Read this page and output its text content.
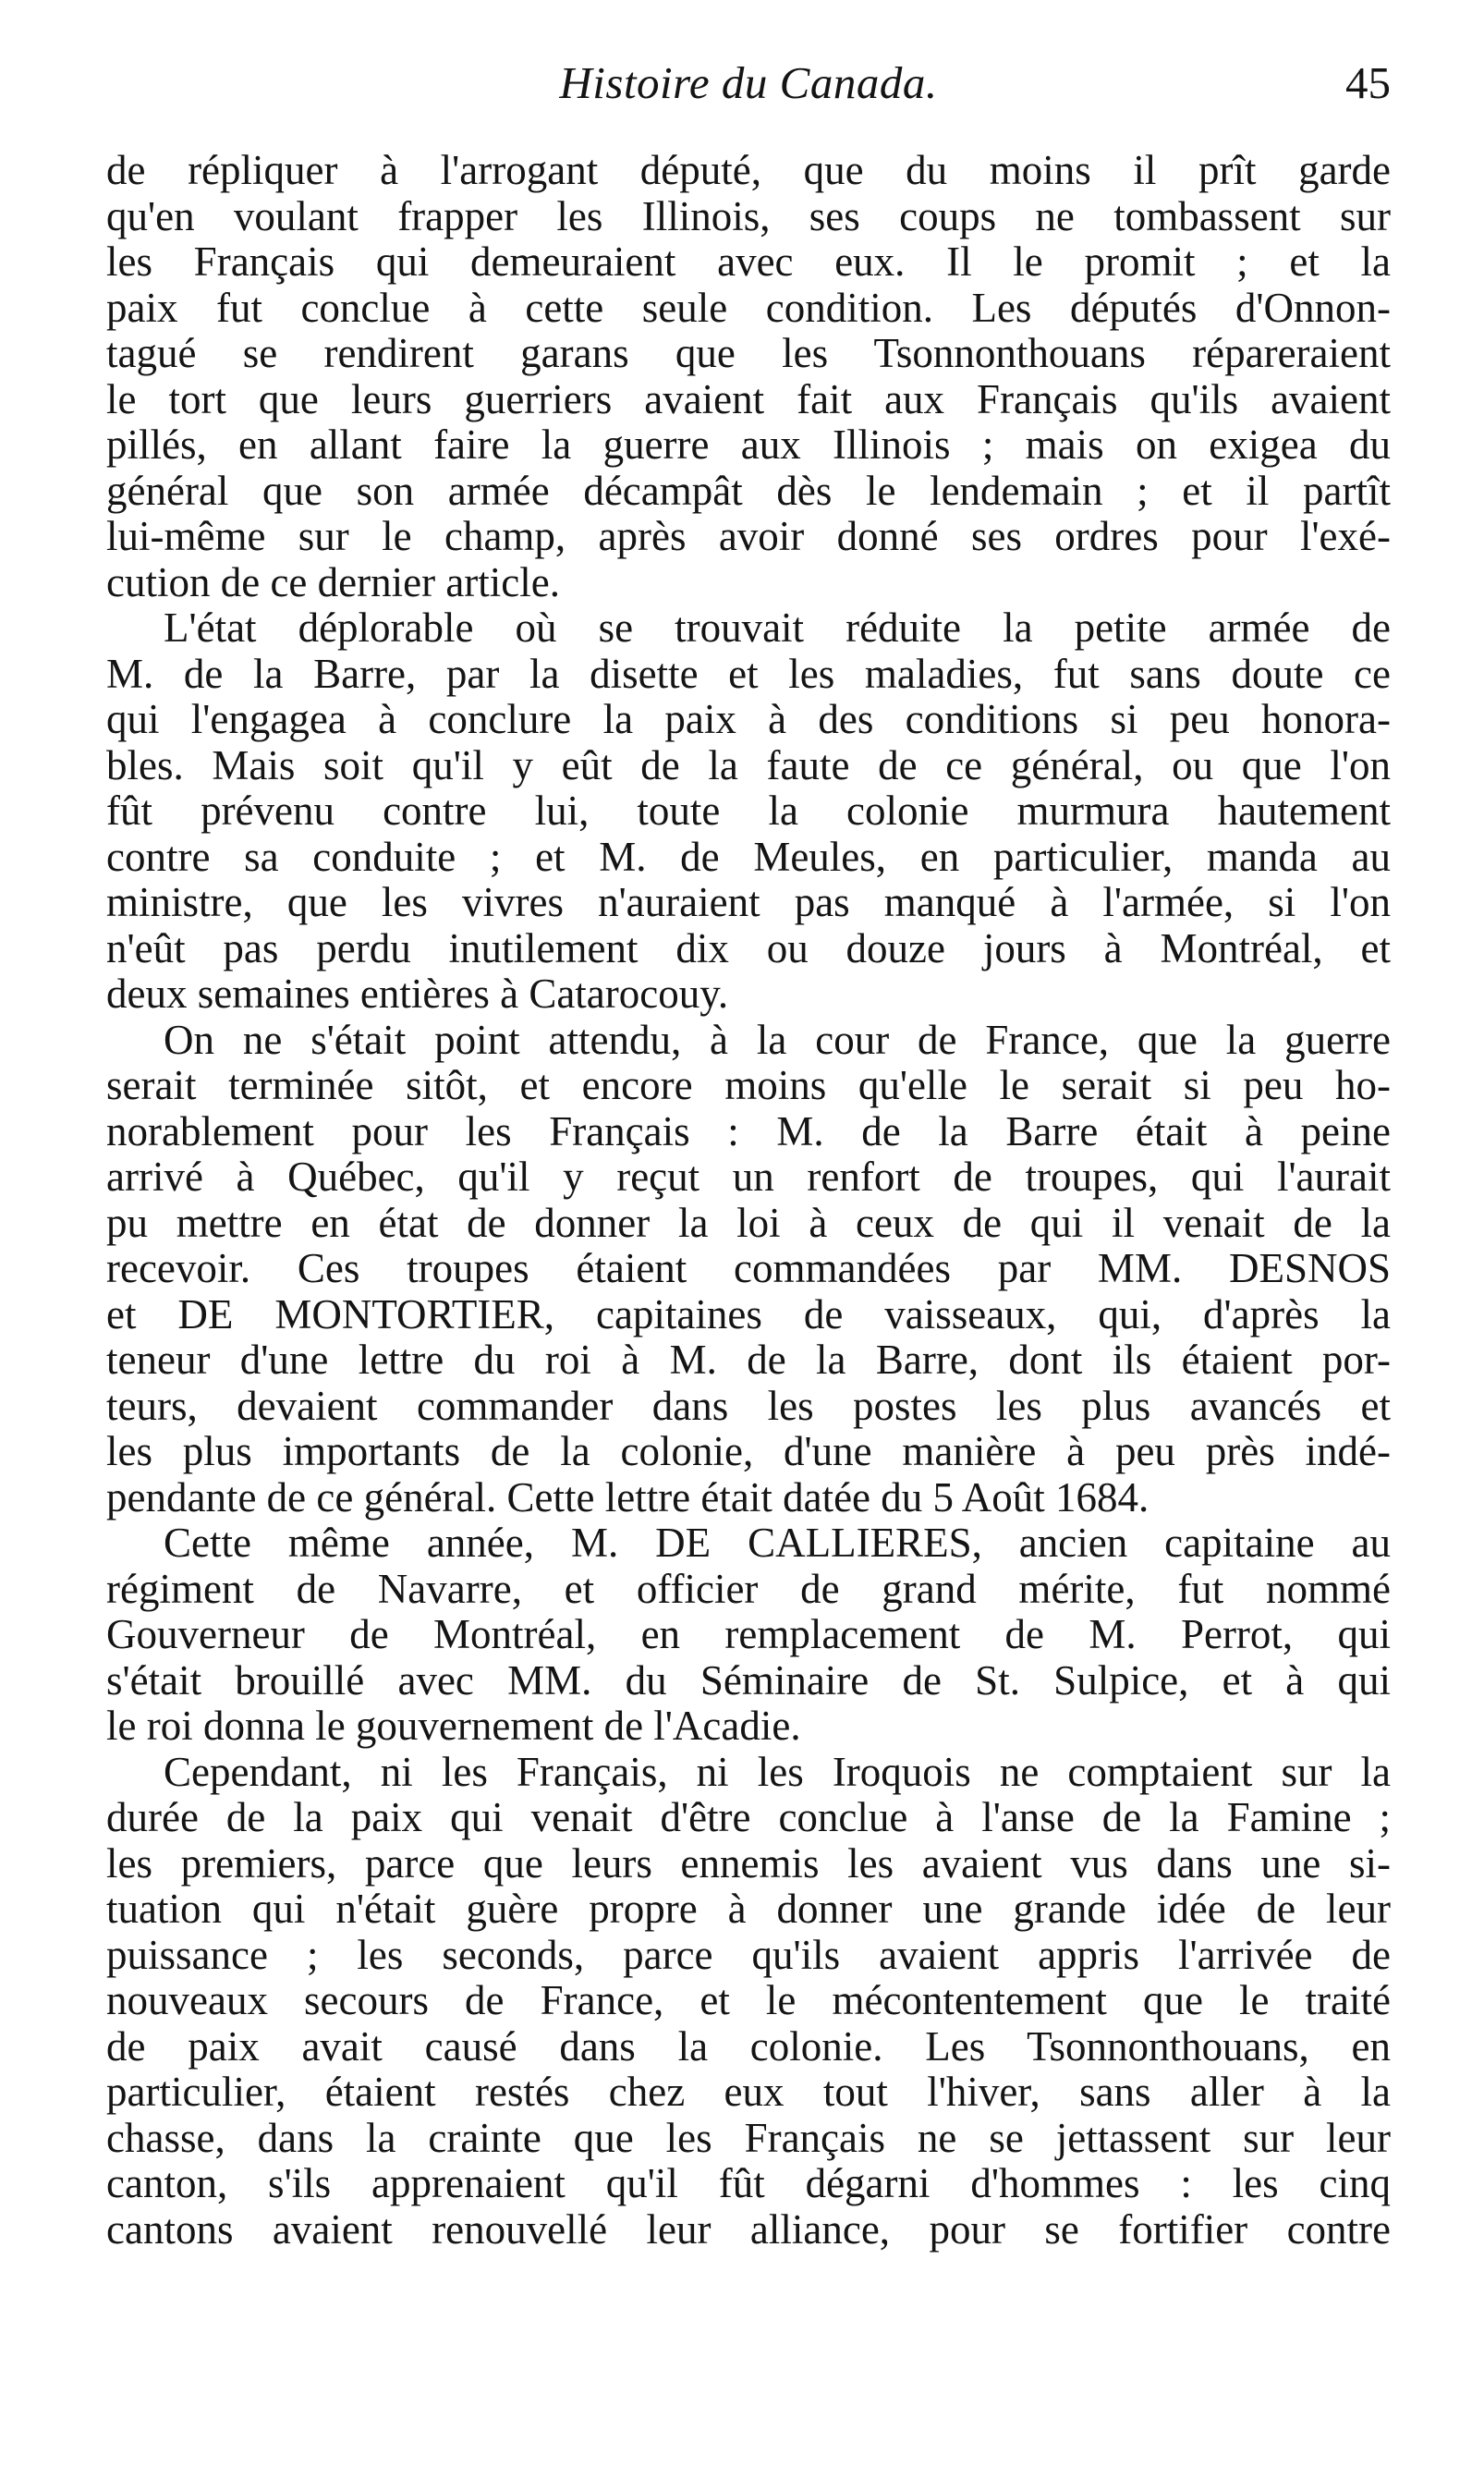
Histoire du Canada.	45
de répliquer à l'arrogant député, que du moins il prît garde
qu'en voulant frapper les Illinois, ses coups ne tombassent sur
les Français qui demeuraient avec eux. Il le promit ; et la
paix fut conclue à cette seule condition. Les députés d'Onnon-
tagué se rendirent garans que les Tsonnonthouans répareraient
le tort que leurs guerriers avaient fait aux Français qu'ils avaient
pillés, en allant faire la guerre aux Illinois ; mais on exigea du
général que son armée décampât dès le lendemain ; et il partît
lui-même sur le champ, après avoir donné ses ordres pour l'exé-
cution de ce dernier article.
L'état déplorable où se trouvait réduite la petite armée de
M. de la Barre, par la disette et les maladies, fut sans doute ce
qui l'engagea à conclure la paix à des conditions si peu honora-
bles. Mais soit qu'il y eût de la faute de ce général, ou que l'on
fût prévenu contre lui, toute la colonie murmura hautement
contre sa conduite ; et M. de Meules, en particulier, manda au
ministre, que les vivres n'auraient pas manqué à l'armée, si l'on
n'eût pas perdu inutilement dix ou douze jours à Montréal, et
deux semaines entières à Catarocouy.
On ne s'était point attendu, à la cour de France, que la guerre
serait terminée sitôt, et encore moins qu'elle le serait si peu ho-
norablement pour les Français : M. de la Barre était à peine
arrivé à Québec, qu'il y reçut un renfort de troupes, qui l'aurait
pu mettre en état de donner la loi à ceux de qui il venait de la
recevoir. Ces troupes étaient commandées par MM. DESNOS
et DE MONTORTIER, capitaines de vaisseaux, qui, d'après la
teneur d'une lettre du roi à M. de la Barre, dont ils étaient por-
teurs, devaient commander dans les postes les plus avancés et
les plus importants de la colonie, d'une manière à peu près indé-
pendante de ce général. Cette lettre était datée du 5 Août 1684.
Cette même année, M. DE CALLIERES, ancien capitaine au
régiment de Navarre, et officier de grand mérite, fut nommé
Gouverneur de Montréal, en remplacement de M. Perrot, qui
s'était brouillé avec MM. du Séminaire de St. Sulpice, et à qui
le roi donna le gouvernement de l'Acadie.
Cependant, ni les Français, ni les Iroquois ne comptaient sur la
durée de la paix qui venait d'être conclue à l'anse de la Famine ;
les premiers, parce que leurs ennemis les avaient vus dans une si-
tuation qui n'était guère propre à donner une grande idée de leur
puissance ; les seconds, parce qu'ils avaient appris l'arrivée de
nouveaux secours de France, et le mécontentement que le traité
de paix avait causé dans la colonie. Les Tsonnonthouans, en
particulier, étaient restés chez eux tout l'hiver, sans aller à la
chasse, dans la crainte que les Français ne se jettassent sur leur
canton, s'ils apprenaient qu'il fût dégarni d'hommes : les cinq
cantons avaient renouvellé leur alliance, pour se fortifier contre
